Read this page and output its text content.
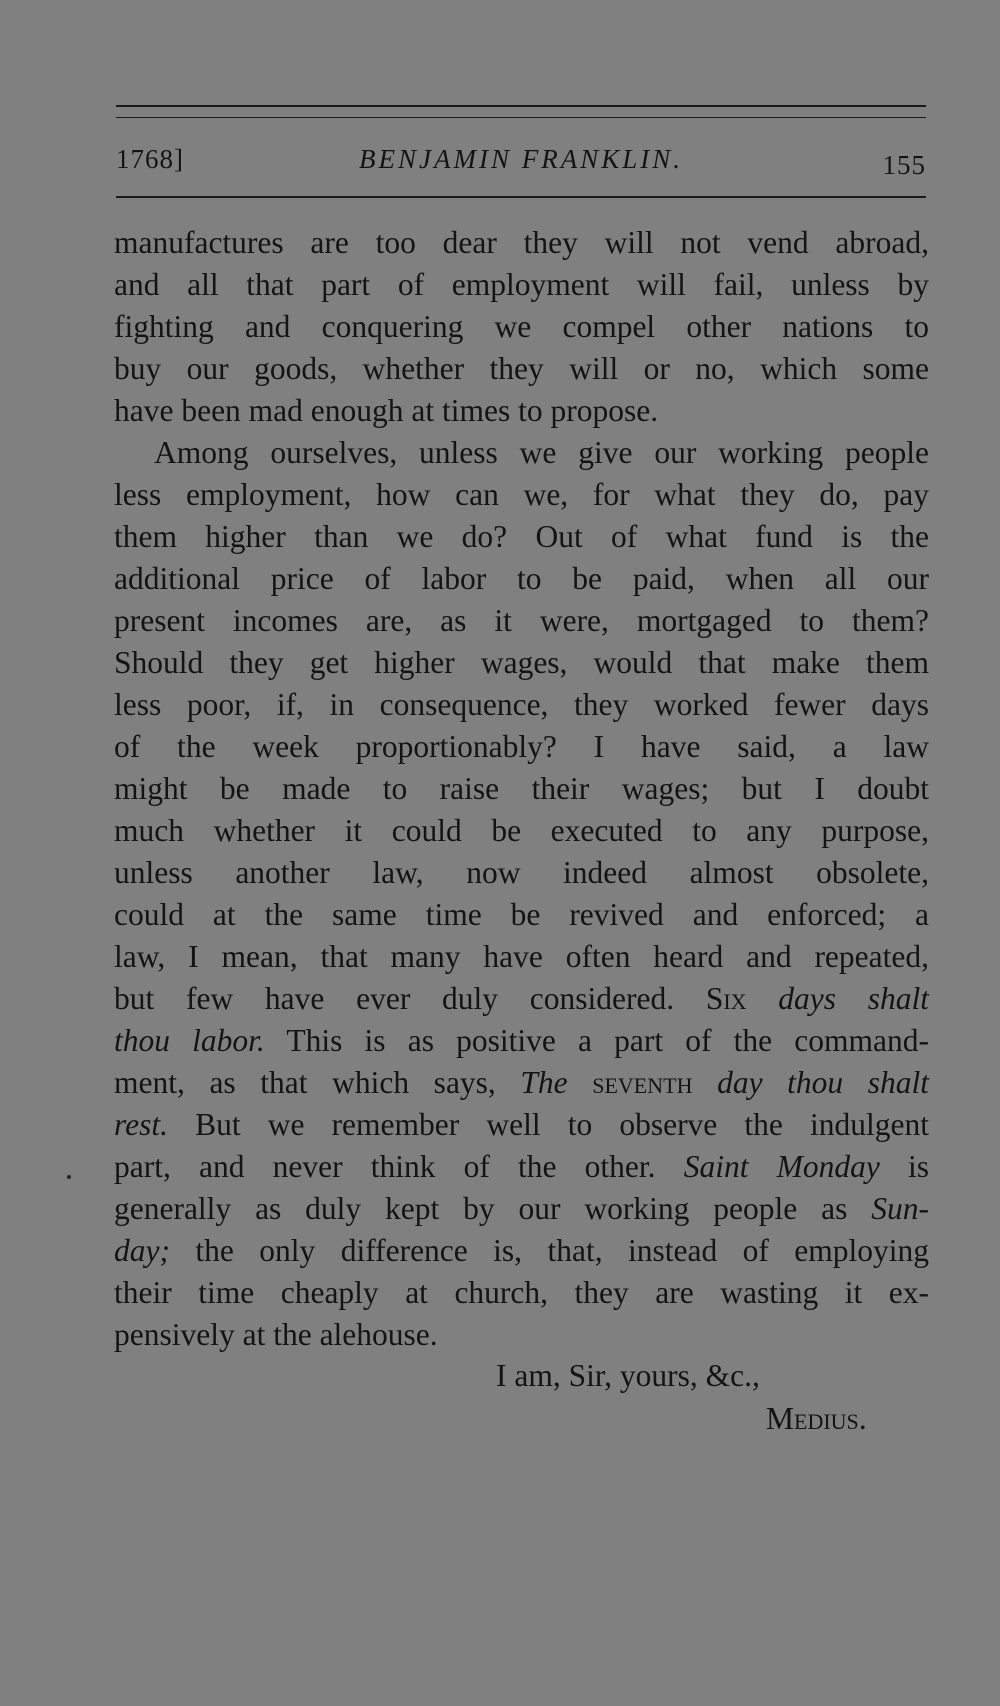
1768]	BENJAMIN FRANKLIN.	155
manufactures are too dear they will not vend abroad,
and all that part of employment will fail, unless by
fighting and conquering we compel other nations to
buy our goods, whether they will or no, which some
have been mad enough at times to propose.
Among ourselves, unless we give our working people
less employment, how can we, for what they do, pay
them higher than we do? Out of what fund is the
additional price of labor to be paid, when all our
present incomes are, as it were, mortgaged to them?
Should they get higher wages, would that make them
less poor, if, in consequence, they worked fewer days
of the week proportionably? I have said, a law
might be made to raise their wages; but I doubt
much whether it could be executed to any purpose,
unless another law, now indeed almost obsolete,
could at the same time be revived and enforced; a
law, I mean, that many have often heard and repeated,
but few have ever duly considered. Six days shalt
thou labor. This is as positive a part of the command-
ment, as that which says, The seventh day thou shalt
rest. But we remember well to observe the indulgent
part, and never think of the other. Saint Monday is
generally as duly kept by our working people as Sun-
day; the only difference is, that, instead of employing
their time cheaply at church, they are wasting it ex-
pensively at the alehouse.
I am, Sir, yours, &c.,
Medius.
